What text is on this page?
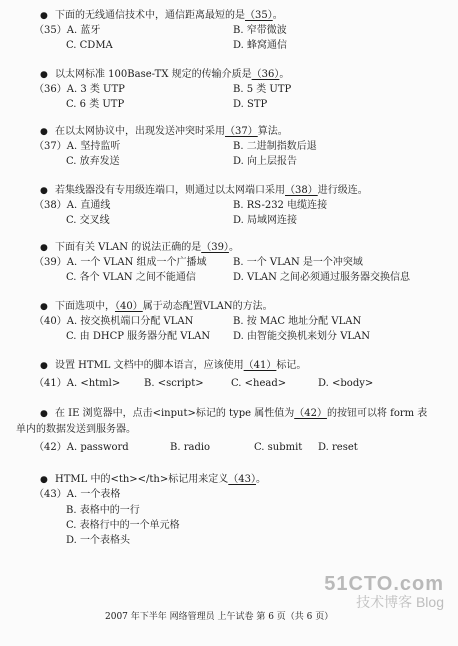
● 下面的无线通信技术中，通信距离最短的是（35）。
（35）A. 蓝牙	B. 窄带微波
C. CDMA	D. 蜂窝通信
● 以太网标准 100Base-TX 规定的传输介质是（36）。
（36）A. 3 类 UTP	B. 5 类 UTP
C. 6 类 UTP	D. STP
● 在以太网协议中，出现发送冲突时采用（37）算法。
（37）A. 坚持监听	B. 二进制指数后退
C. 放弃发送	D. 向上层报告
● 若集线器没有专用级连端口，则通过以太网端口采用（38）进行级连。
（38）A. 直通线	B. RS-232 电缆连接
C. 交叉线	D. 局域网连接
● 下面有关 VLAN 的说法正确的是（39）。
（39）A. 一个 VLAN 组成一个广播域	B. 一个 VLAN 是一个冲突域
C. 各个 VLAN 之间不能通信	D. VLAN 之间必须通过服务器交换信息
● 下面选项中，（40）属于动态配置VLAN的方法。
（40）A. 按交换机端口分配 VLAN	B. 按 MAC 地址分配 VLAN
C. 由 DHCP 服务器分配 VLAN D. 由智能交换机来划分 VLAN
● 设置 HTML 文档中的脚本语言，应该使用（41）标记。
（41）A. <html> B. <script>	C. <head>	D. <body>
● 在 IE 浏览器中，点击<input>标记的 type 属性值为（42）的按钮可以将 form 表
单内的数据发送到服务器。
（42）A. password	B. radio	C. submit D. reset
● HTML 中的<th></th>标记用来定义（43）。
（43）A. 一个表格
B. 表格中的一行
C. 表格行中的一个单元格
D. 一个表格头
2007 年下半年 网络管理员 上午试卷 第 6 页（共 6 页）
51CTO.com
技术博客 Blog
